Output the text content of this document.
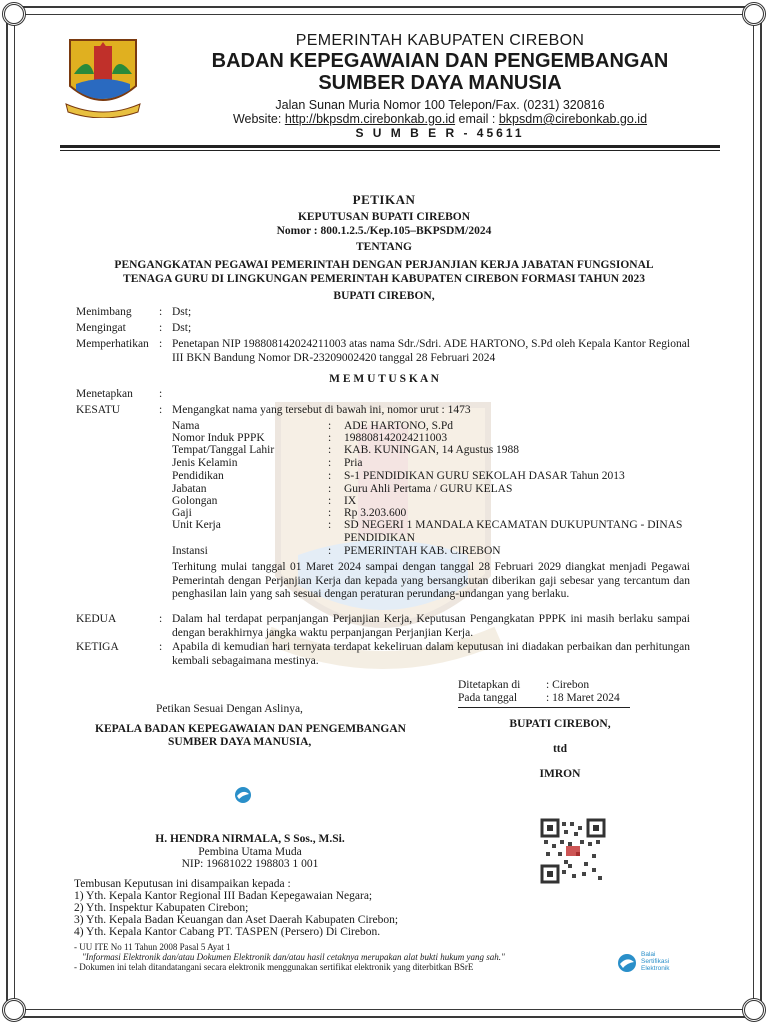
PEMERINTAH KABUPATEN CIREBON
BADAN KEPEGAWAIAN DAN PENGEMBANGAN
SUMBER DAYA MANUSIA
Jalan Sunan Muria Nomor 100 Telepon/Fax. (0231) 320816
Website: http://bkpsdm.cirebonkab.go.id email : bkpsdm@cirebonkab.go.id
S U M B E R - 45611
PETIKAN
KEPUTUSAN BUPATI CIREBON
Nomor : 800.1.2.5./Kep.105–BKPSDM/2024
TENTANG
PENGANGKATAN PEGAWAI PEMERINTAH DENGAN PERJANJIAN KERJA JABATAN FUNGSIONAL
TENAGA GURU DI LINGKUNGAN PEMERINTAH KABUPATEN CIREBON FORMASI TAHUN 2023
BUPATI CIREBON,
Menimbang : Dst;
Mengingat	: Dst;
Memperhatikan : Penetapan NIP 198808142024211003 atas nama Sdr./Sdri. ADE HARTONO, S.Pd oleh Kepala Kantor Regional III BKN Bandung Nomor DR-23209002420 tanggal 28 Februari 2024
M E M U T U S K A N
Menetapkan :
KESATU	: Mengangkat nama yang tersebut di bawah ini, nomor urut : 1473
Nama	: ADE HARTONO, S.Pd
Nomor Induk PPPK	: 198808142024211003
Tempat/Tanggal Lahir	: KAB. KUNINGAN, 14 Agustus 1988
Jenis Kelamin	: Pria
Pendidikan	: S-1 PENDIDIKAN GURU SEKOLAH DASAR Tahun 2013
Jabatan	: Guru Ahli Pertama / GURU KELAS
Golongan	: IX
Gaji	: Rp 3.203.600
Unit Kerja	: SD NEGERI 1 MANDALA KECAMATAN DUKUPUNTANG - DINAS PENDIDIKAN
Instansi	: PEMERINTAH KAB. CIREBON
Terhitung mulai tanggal 01 Maret 2024 sampai dengan tanggal 28 Februari 2029 diangkat menjadi Pegawai Pemerintah dengan Perjanjian Kerja dan kepada yang bersangkutan diberikan gaji sebesar yang tercantum dan penghasilan lain yang sah sesuai dengan peraturan perundang-undangan yang berlaku.
KEDUA	: Dalam hal terdapat perpanjangan Perjanjian Kerja, Keputusan Pengangkatan PPPK ini masih berlaku sampai dengan berakhirnya jangka waktu perpanjangan Perjanjian Kerja.
KETIGA	: Apabila di kemudian hari ternyata terdapat kekeliruan dalam keputusan ini diadakan perbaikan dan perhitungan kembali sebagaimana mestinya.
Ditetapkan di : Cirebon
Pada tanggal	: 18 Maret 2024
Petikan Sesuai Dengan Aslinya,
KEPALA BADAN KEPEGAWAIAN DAN PENGEMBANGAN
SUMBER DAYA MANUSIA,
BUPATI CIREBON,
ttd
IMRON
H. HENDRA NIRMALA, S Sos., M.Si.
Pembina Utama Muda
NIP: 19681022 198803 1 001
Tembusan Keputusan ini disampaikan kepada :
1) Yth. Kepala Kantor Regional III Badan Kepegawaian Negara;
2) Yth. Inspektur Kabupaten Cirebon;
3) Yth. Kepala Badan Keuangan dan Aset Daerah Kabupaten Cirebon;
4) Yth. Kepala Kantor Cabang PT. TASPEN (Persero) Di Cirebon.
- UU ITE No 11 Tahun 2008 Pasal 5 Ayat 1
"Informasi Elektronik dan/atau Dokumen Elektronik dan/atau hasil cetaknya merupakan alat bukti hukum yang sah."
- Dokumen ini telah ditandatangani secara elektronik menggunakan sertifikat elektronik yang diterbitkan BSrE
Balai
Sertifikasi
Elektronik
